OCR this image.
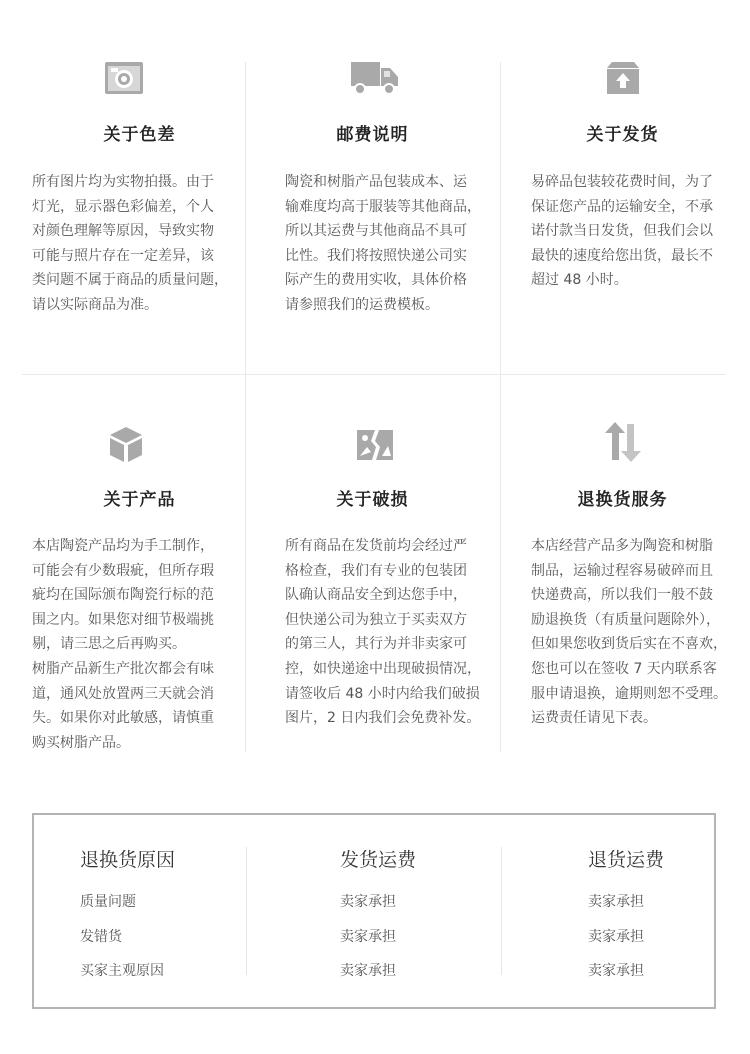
关于色差
所有图片均为实物拍摄。由于
灯光，显示器色彩偏差，个人
对颜色理解等原因，导致实物
可能与照片存在一定差异，该
类问题不属于商品的质量问题，
请以实际商品为准。
邮费说明
陶瓷和树脂产品包装成本、运
输难度均高于服装等其他商品，
所以其运费与其他商品不具可
比性。我们将按照快递公司实
际产生的费用实收，具体价格
请参照我们的运费模板。
关于发货
易碎品包装较花费时间，为了
保证您产品的运输安全，不承
诺付款当日发货，但我们会以
最快的速度给您出货，最长不
超过 48 小时。
关于产品
本店陶瓷产品均为手工制作，
可能会有少数瑕疵，但所存瑕
疵均在国际颁布陶瓷行标的范
围之内。如果您对细节极端挑
剔，请三思之后再购买。
树脂产品新生产批次都会有味
道，通风处放置两三天就会消
失。如果你对此敏感，请慎重
购买树脂产品。
关于破损
所有商品在发货前均会经过严
格检查，我们有专业的包装团
队确认商品安全到达您手中，
但快递公司为独立于买卖双方
的第三人，其行为并非卖家可
控，如快递途中出现破损情况，
请签收后 48 小时内给我们破损
图片，2 日内我们会免费补发。
退换货服务
本店经营产品多为陶瓷和树脂
制品，运输过程容易破碎而且
快递费高，所以我们一般不鼓
励退换货（有质量问题除外），
但如果您收到货后实在不喜欢，
您也可以在签收 7 天内联系客
服申请退换，逾期则恕不受理。
运费责任请见下表。
退换货原因
质量问题
发错货
买家主观原因
发货运费
卖家承担
卖家承担
卖家承担
退货运费
卖家承担
卖家承担
卖家承担
